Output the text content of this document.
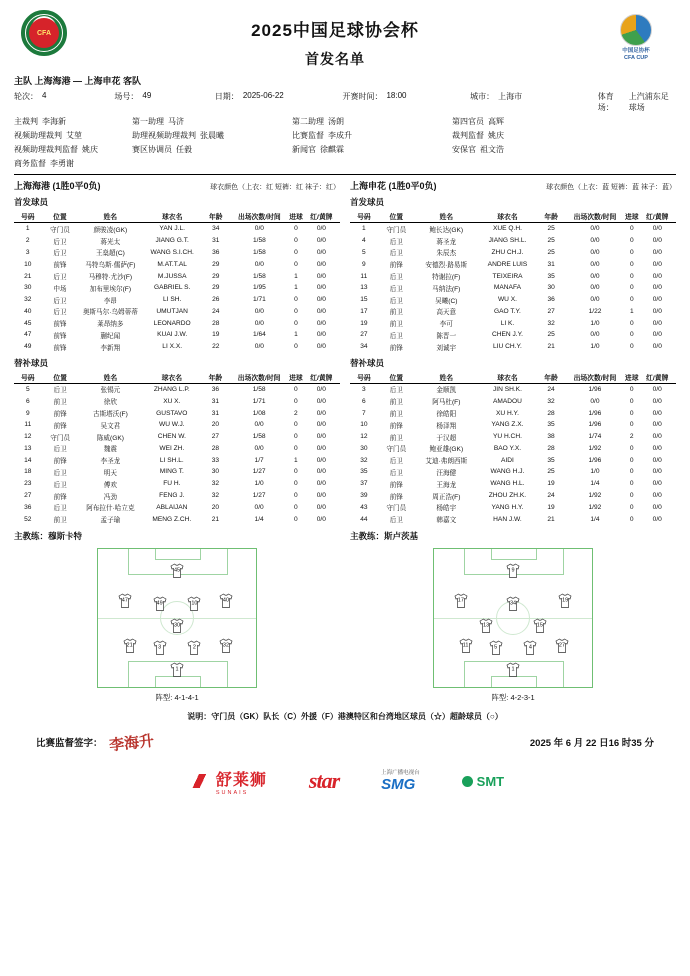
CFA	2025中国足球协会杯
首发名单	中国足协杯
CFA CUP
主队 上海海港 — 上海申花 客队
轮次： 4	场号： 49	日期： 2025-06-22	开赛时间： 18:00	城市： 上海市	体育场：
上汽浦东足球场
主裁判 李海新	第一助理 马济	第二助理 汤朗	第四官员 高辉
视频助理裁判 艾堃	助理视频助理裁判 张晨曦	比赛监督 李成升	裁判监督 姚庆
视频助理裁判监督 姚庆	赛区协调员 任毅	新闻官 徐麒霖	安保官 祖文浩
商务监督 李勇谢
上海海港 (1胜0平0负)	球衣颜色（上衣：红 短裤：红 袜子：红）
首发球员
号码	位置	姓名	球衣名	年龄	出场次数/时间	进球	红/黄牌
1	守门员	颜骏凌(GK)	YAN J.L.	34	0/0	0	0/0
2	后卫	蒋光太	JIANG G.T.	31	1/58	0	0/0
3	后卫	王燊超(C)	WANG S.I.CH.	36	1/58	0	0/0
10	前锋	马特乌斯·儒萨(F)	M.AT.T.AL	29	0/0	0	0/0
21	后卫	马穆特·尤沙(F)	M.JUSSA	29	1/58	1	0/0
30	中场	加布里埃尔(F)	GABRIEL S.	29	1/95	1	0/0
32	后卫	李昂	LI SH.	26	1/71	0	0/0
40	后卫	奥斯马尔·乌姆蒂蒂	UMUTJAN	24	0/0	0	0/0
45	前锋	莱昂纳多	LEONARDO	28	0/0	0	0/0
47	前锋	蒯纪闻	KUAI J.W.	19	1/64	1	0/0
49	前锋	李新翔	LI X.X.	22	0/0	0	0/0
替补球员
号码	位置	姓名	球衣名	年龄	出场次数/时间	进球	红/黄牌
5	后卫	张锡元	ZHANG L.P.	36	1/58	0	0/0
6	前卫	徐欣	XU X.	31	1/71	0	0/0
9	前锋	古斯塔沃(F)	GUSTAVO	31	1/08	2	0/0
11	前锋	吴文君	WU W.J.	20	0/0	0	0/0
12	守门员	陈威(GK)	CHEN W.	27	1/58	0	0/0
13	后卫	魏震	WEI ZH.	28	0/0	0	0/0
14	前锋	李圣龙	LI SH.L.	33	1/7	1	0/0
18	后卫	明天	MING T.	30	1/27	0	0/0
23	后卫	傅欢	FU H.	32	1/0	0	0/0
27	前锋	冯劲	FENG J.	32	1/27	0	0/0
36	后卫	阿布拉什·哈立克	ABLAIJAN	20	0/0	0	0/0
52	前卫	孟子瑜	MENG Z.CH.	21	1/4	0	0/0
主教练：穆斯卡特
上海申花 (1胜0平0负)	球衣颜色（上衣：蓝 短裤：蓝 袜子：蓝）
首发球员
号码	位置	姓名	球衣名	年龄	出场次数/时间	进球	红/黄牌
1	守门员	鲍长达(GK)	XUE Q.H.	25	0/0	0	0/0
4	后卫	蒋圣龙	JIANG SH.L.	25	0/0	0	0/0
5	后卫	朱辰杰	ZHU CH.J.	25	0/0	0	0/0
9	前锋	安德烈·路易斯	ANDRE LUIS	31	0/0	0	0/0
11	后卫	特谢拉(F)	TEIXEIRA	35	0/0	0	0/0
13	后卫	马纳法(F)	MANAFA	30	0/0	0	0/0
15	后卫	吴曦(C)	WU X.	36	0/0	0	0/0
17	前卫	高天意	GAO T.Y.	27	1/22	1	0/0
19	前卫	李可	LI K.	32	1/0	0	0/0
27	后卫	陈晋一	CHEN J.Y.	25	0/0	0	0/0
34	前锋	刘诚宇	LIU CH.Y.	21	1/0	0	0/0
替补球员
号码	位置	姓名	球衣名	年龄	出场次数/时间	进球	红/黄牌
3	后卫	金顺凯	JIN SH.K.	24	1/96	0	0/0
6	前卫	阿马杜(F)	AMADOU	32	0/0	0	0/0
7	前卫	徐皓阳	XU H.Y.	28	1/96	0	0/0
10	前锋	杨泽翔	YANG Z.X.	35	1/96	0	0/0
12	前卫	于汉超	YU H.CH.	38	1/74	2	0/0
30	守门员	鲍亚雄(GK)	BAO Y.X.	28	1/92	0	0/0
32	后卫	艾迪·弗朗西斯	AIDI	35	1/96	0	0/0
35	后卫	汪海健	WANG H.J.	25	1/0	0	0/0
37	前锋	王海龙	WANG H.L.	19	1/4	0	0/0
39	前锋	周正浩(F)	ZHOU ZH.K.	24	1/92	0	0/0
43	守门员	杨皓宇	YANG H.Y.	19	1/92	0	0/0
44	后卫	韩嘉文	HAN J.W.	21	1/4	0	0/0
主教练：斯卢茨基
1
21	3	2	32
30
47	49	10	40
45
阵型: 4-1-4-1
1
11	5	4	27
13	15
17	34	19
9
阵型: 4-2-3-1
说明：守门员（GK）队长（C）外援（F）港澳特区和台湾地区球员（☆）超龄球员（○）
比赛监督签字： 李海升	2025 年 6 月 22 日16 时35 分
舒莱狮
SUNAIS	star	上海广播电视台
SMG	SMT
